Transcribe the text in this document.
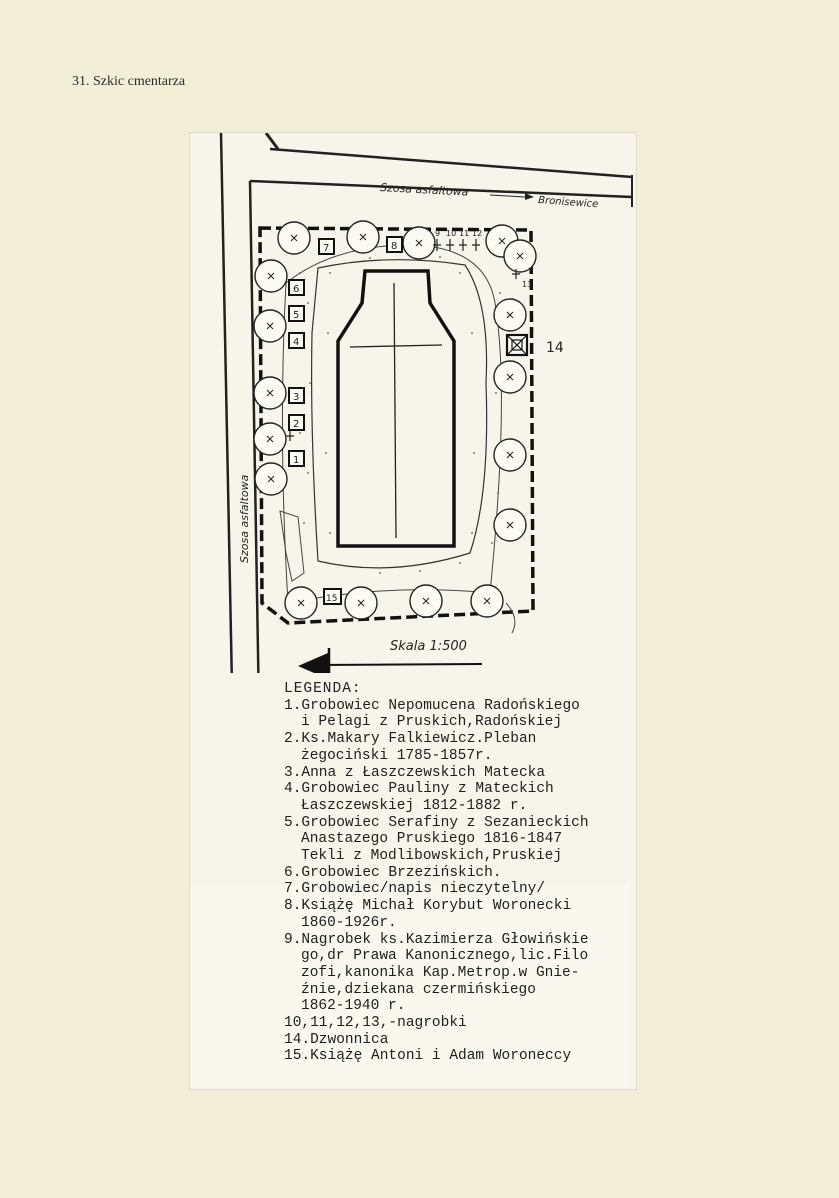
31. Szkic cmentarza
Szosa asfaltowa
Bronisewice
Szosa asfaltowa
1
2
3
4
5
6
7	8
15
9 10 11 12
13
14
Skala 1:500
LEGENDA:
1.Grobowiec Nepomucena Radońskiego
i Pelagi z Pruskich,Radońskiej
2.Ks.Makary Falkiewicz.Pleban
żegociński 1785-1857r.
3.Anna z Łaszczewskich Matecka
4.Grobowiec Pauliny z Mateckich
Łaszczewskiej 1812-1882 r.
5.Grobowiec Serafiny z Sezanieckich
Anastazego Pruskiego 1816-1847
Tekli z Modlibowskich,Pruskiej
6.Grobowiec Brzezińskich.
7.Grobowiec/napis nieczytelny/
8.Książę Michał Korybut Woronecki
1860-1926r.
9.Nagrobek ks.Kazimierza Głowińskie
go,dr Prawa Kanonicznego,lic.Filo
zofi,kanonika Kap.Metrop.w Gnie-
źnie,dziekana czermińskiego
1862-1940 r.
10,11,12,13,-nagrobki
14.Dzwonnica
15.Książę Antoni i Adam Woroneccy
